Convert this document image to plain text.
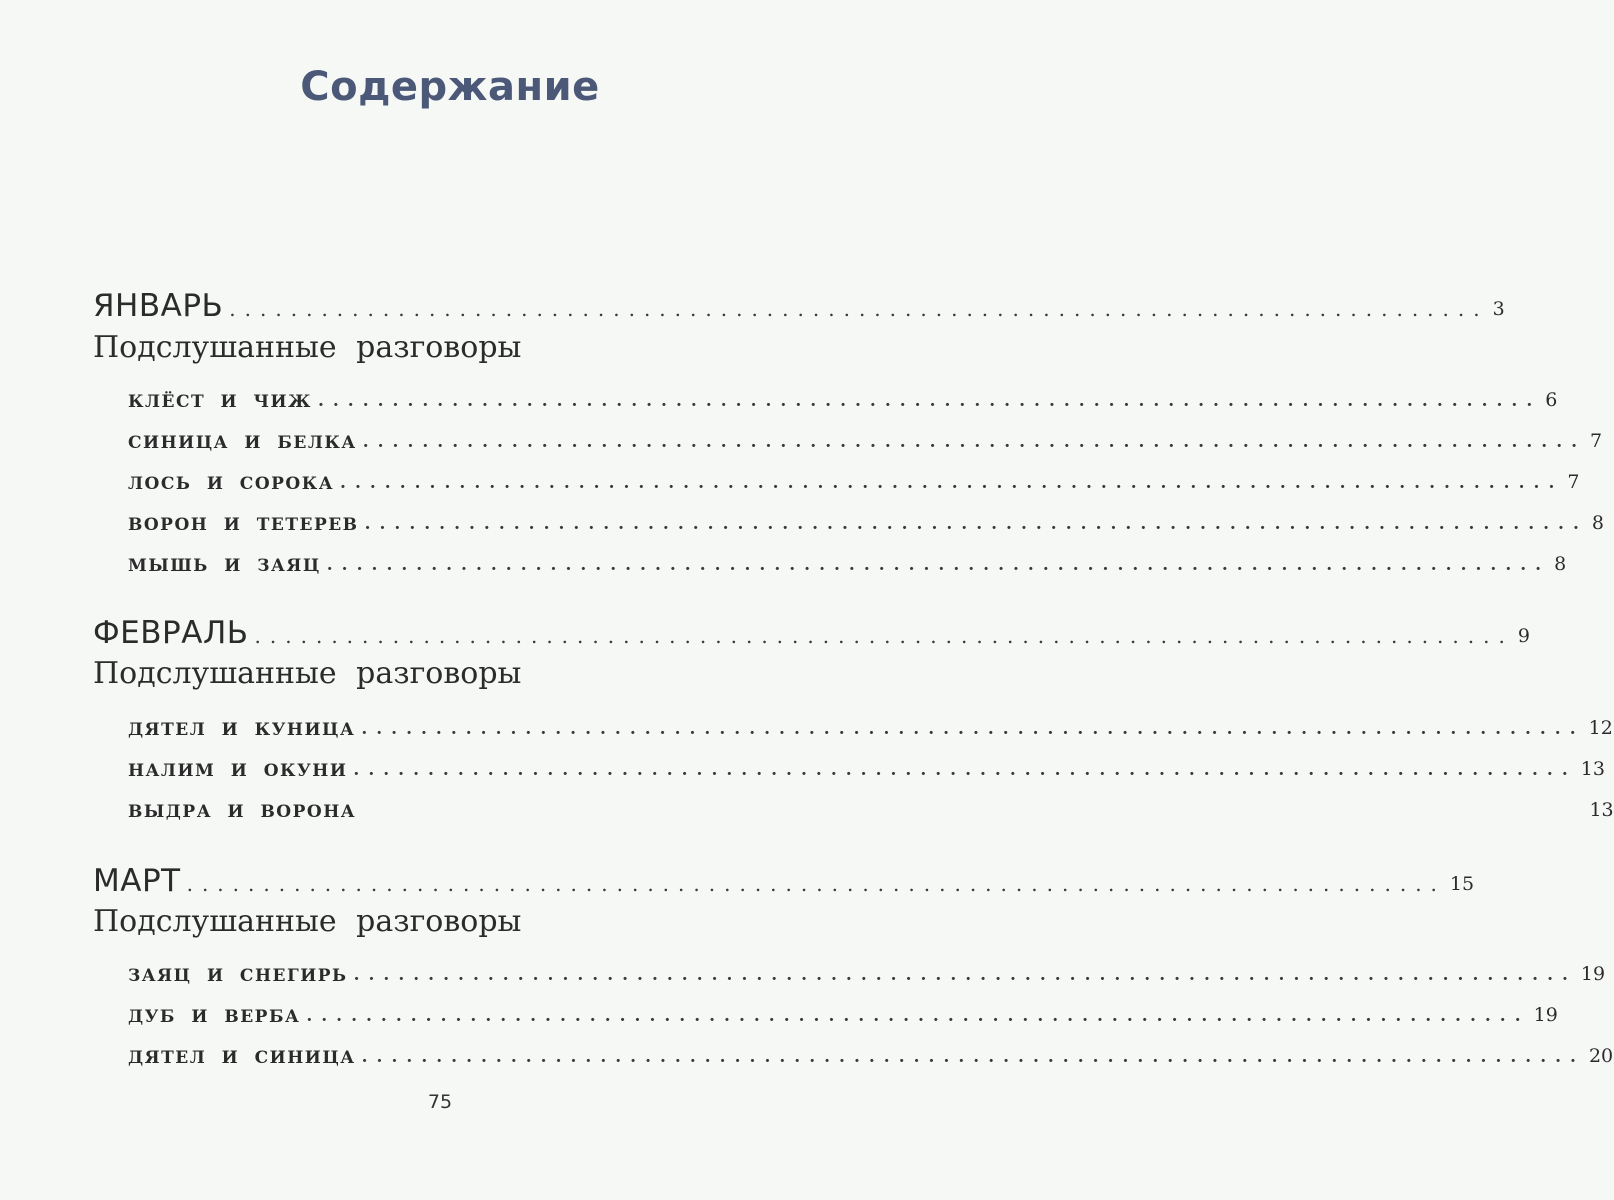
Содержание
ЯНВАРЬ .................................................................................. 3
Подслушанные разговоры
КЛЁСТ И ЧИЖ .................................................................................. 6
СИНИЦА И БЕЛКА .................................................................................. 7
ЛОСЬ И СОРОКА .................................................................................. 7
ВОРОН И ТЕТЕРЕВ .................................................................................. 8
МЫШЬ И ЗАЯЦ .................................................................................. 8
ФЕВРАЛЬ .................................................................................. 9
Подслушанные разговоры
ДЯТЕЛ И КУНИЦА .................................................................................. 12
НАЛИМ И ОКУНИ .................................................................................. 13
ВЫДРА И ВОРОНА	13
МАРТ .................................................................................. 15
Подслушанные разговоры
ЗАЯЦ И СНЕГИРЬ .................................................................................. 19
ДУБ И ВЕРБА .................................................................................. 19
ДЯТЕЛ И СИНИЦА .................................................................................. 20
75
